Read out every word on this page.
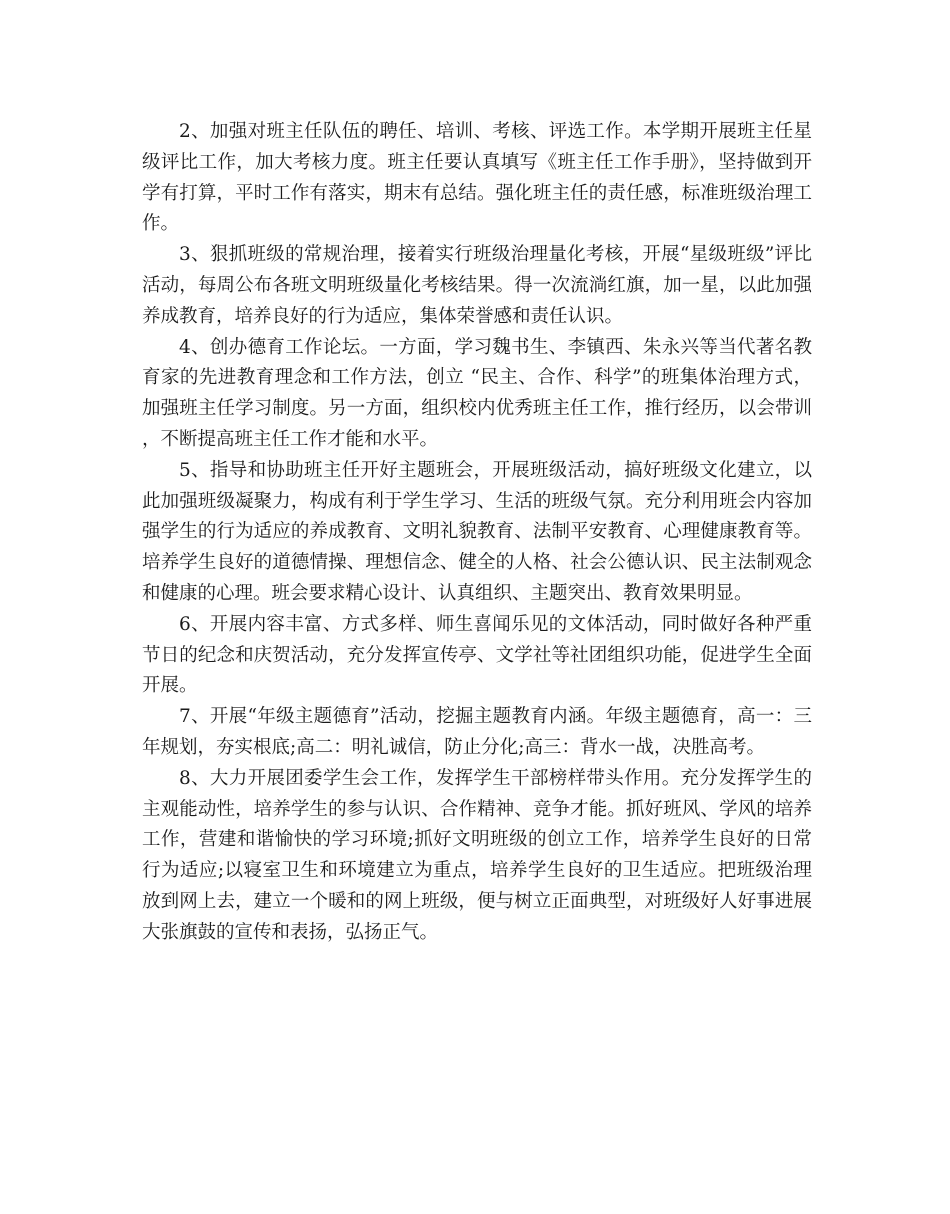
2、加强对班主任队伍的聘任、培训、考核、评选工作。本学期开展班主任星级评比工作，加大考核力度。班主任要认真填写《班主任工作手册》，坚持做到开学有打算，平时工作有落实，期末有总结。强化班主任的责任感，标准班级治理工作。

3、狠抓班级的常规治理，接着实行班级治理量化考核，开展“星级班级”评比活动，每周公布各班文明班级量化考核结果。得一次流淌红旗，加一星，以此加强养成教育，培养良好的行为适应，集体荣誉感和责任认识。

4、创办德育工作论坛。一方面，学习魏书生、李镇西、朱永兴等当代著名教育家的先进教育理念和工作方法，创立 “民主、合作、科学”的班集体治理方式，加强班主任学习制度。另一方面，组织校内优秀班主任工作，推行经历，以会带训，不断提高班主任工作才能和水平。

5、指导和协助班主任开好主题班会，开展班级活动，搞好班级文化建立，以此加强班级凝聚力，构成有利于学生学习、生活的班级气氛。充分利用班会内容加强学生的行为适应的养成教育、文明礼貌教育、法制平安教育、心理健康教育等。培养学生良好的道德情操、理想信念、健全的人格、社会公德认识、民主法制观念和健康的心理。班会要求精心设计、认真组织、主题突出、教育效果明显。

6、开展内容丰富、方式多样、师生喜闻乐见的文体活动，同时做好各种严重节日的纪念和庆贺活动，充分发挥宣传亭、文学社等社团组织功能，促进学生全面开展。

7、开展“年级主题德育”活动，挖掘主题教育内涵。年级主题德育，高一：三年规划，夯实根底;高二：明礼诚信，防止分化;高三：背水一战，决胜高考。

8、大力开展团委学生会工作，发挥学生干部榜样带头作用。充分发挥学生的主观能动性，培养学生的参与认识、合作精神、竞争才能。抓好班风、学风的培养工作，营建和谐愉快的学习环境;抓好文明班级的创立工作，培养学生良好的日常行为适应;以寝室卫生和环境建立为重点，培养学生良好的卫生适应。把班级治理放到网上去，建立一个暖和的网上班级，便与树立正面典型，对班级好人好事进展大张旗鼓的宣传和表扬，弘扬正气。
